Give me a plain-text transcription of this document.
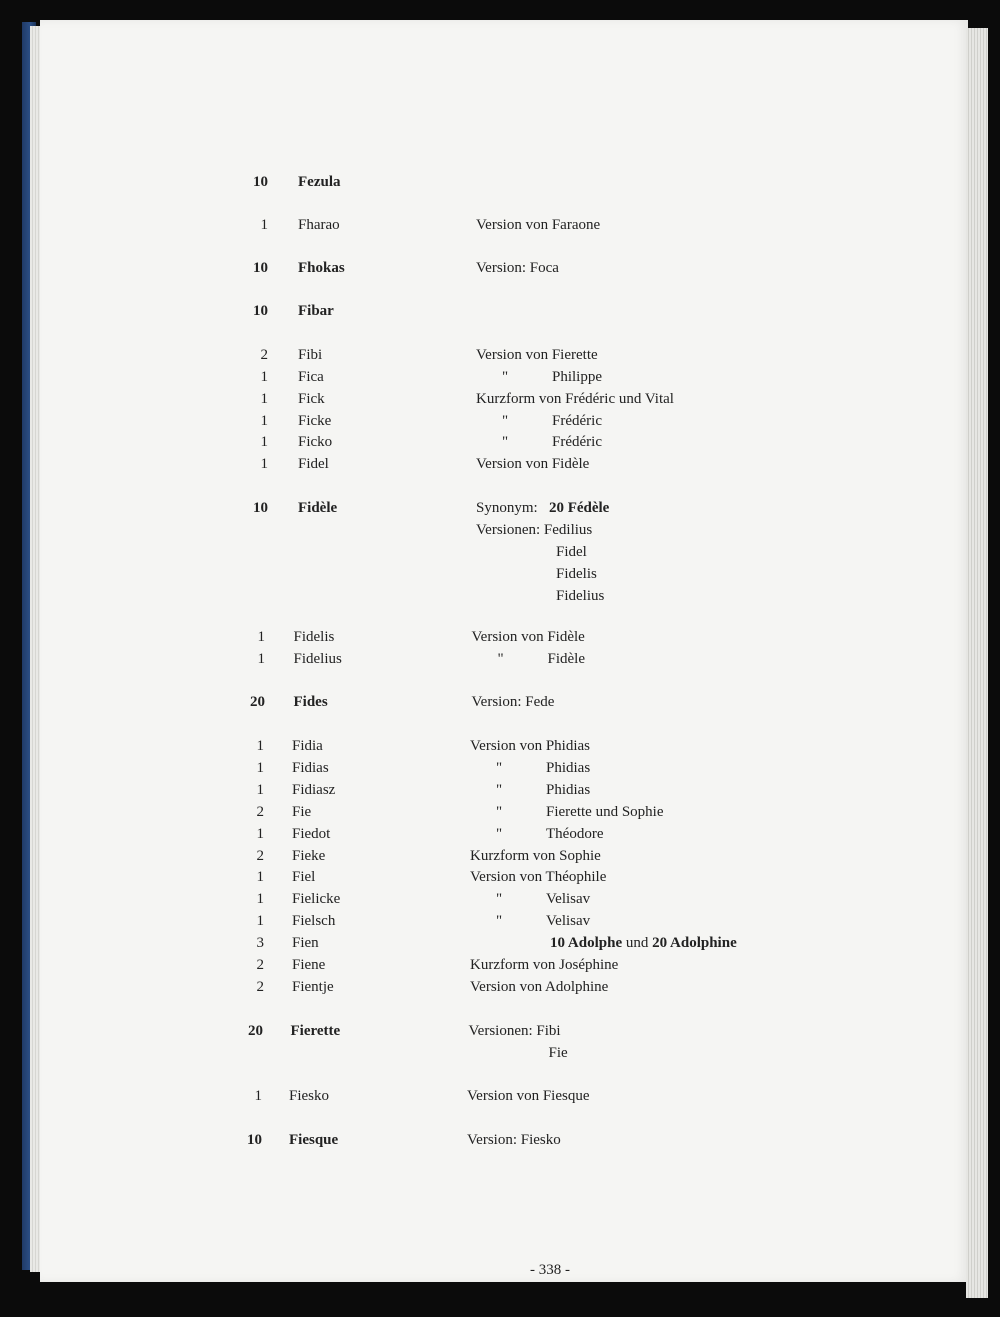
10 Fezula
1 Fharao	Version von Faraone
10 Fhokas	Version: Foca
10 Fibar
2 Fibi	Version von Fierette
1 Fica	"	Philippe
1 Fick	Kurzform von Frédéric und Vital
1 Ficke	"	Frédéric
1 Ficko	"	Frédéric
1 Fidel	Version von Fidèle
10 Fidèle	Synonym:   20 Fédèle
Versionen: Fedilius
Fidel
Fidelis
Fidelius
1 Fidelis	Version von Fidèle
1 Fidelius	"	Fidèle
20 Fides	Version: Fede
1 Fidia	Version von Phidias
1 Fidias	"	Phidias
1 Fidiasz	"	Phidias
2 Fie	"	Fierette und Sophie
1 Fiedot	"	Théodore
2 Fieke	Kurzform von Sophie
1 Fiel	Version von Théophile
1 Fielicke	"	Velisav
1 Fielsch	"	Velisav
3 Fien	10 Adolphe und 20 Adolphine
2 Fiene	Kurzform von Joséphine
2 Fientje	Version von Adolphine
20 Fierette	Versionen: Fibi
Fie
1 Fiesko	Version von Fiesque
10 Fiesque	Version: Fiesko
- 338 -
